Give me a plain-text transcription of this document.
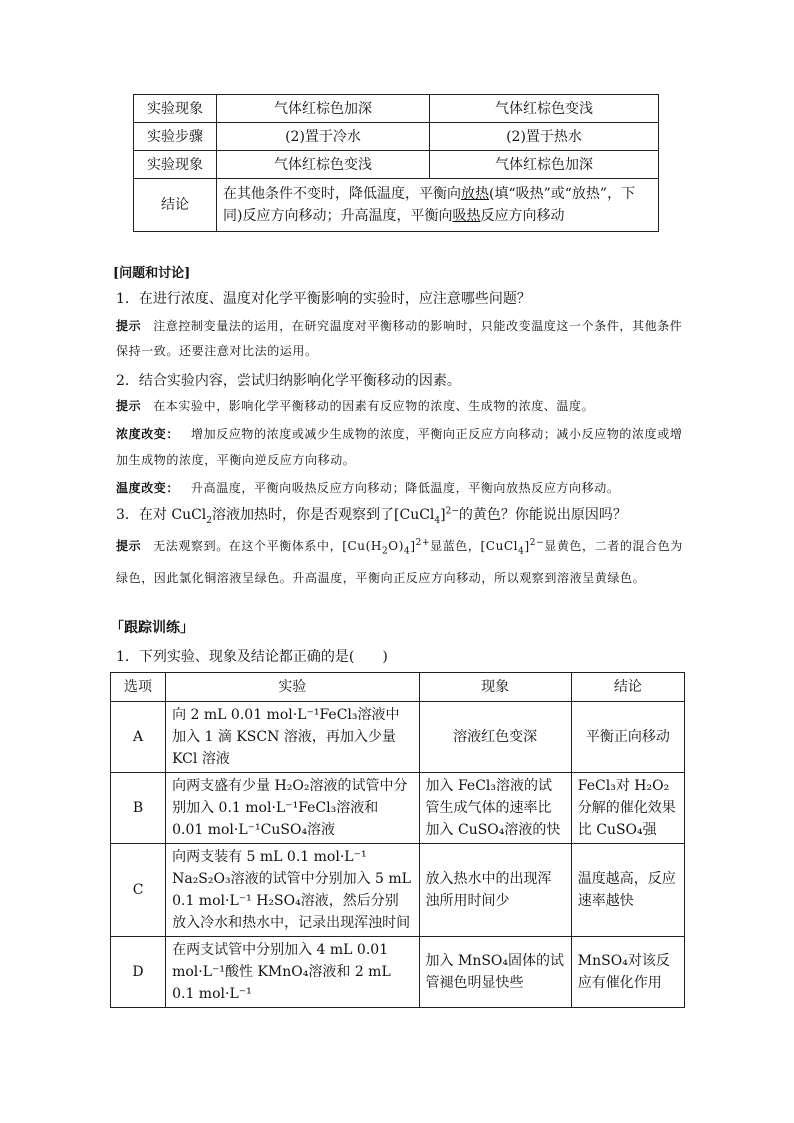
实验现象	气体红棕色加深	气体红棕色变浅
实验步骤	(2)置于冷水	(2)置于热水
实验现象	气体红棕色变浅	气体红棕色加深
结论	在其他条件不变时，降低温度，平衡向放热(填“吸热”或“放热”，下同)反应方向移动；升高温度，平衡向吸热反应方向移动	
[问题和讨论]
1．在进行浓度、温度对化学平衡影响的实验时，应注意哪些问题？
提示 注意控制变量法的运用，在研究温度对平衡移动的影响时，只能改变温度这一个条件，其他条件保持一致。还要注意对比法的运用。
2．结合实验内容，尝试归纳影响化学平衡移动的因素。
提示 在本实验中，影响化学平衡移动的因素有反应物的浓度、生成物的浓度、温度。
浓度改变： 增加反应物的浓度或减少生成物的浓度，平衡向正反应方向移动；减小反应物的浓度或增加生成物的浓度，平衡向逆反应方向移动。
温度改变： 升高温度，平衡向吸热反应方向移动；降低温度，平衡向放热反应方向移动。
3．在对 CuCl$_2$溶液加热时，你是否观察到了[CuCl$_4$]$^{2-}$的黄色？你能说出原因吗？
提示 无法观察到。在这个平衡体系中，$[Cu(H_2O)_4]^{2+}$显蓝色，[CuCl$_4$]$^{2-}$显黄色，二者的混合色为绿色，因此氯化铜溶液呈绿色。升高温度，平衡向正反应方向移动，所以观察到溶液呈黄绿色。
「跟踪训练」
1．下列实验、现象及结论都正确的是(　　)
选项	实验	现象	结论
A	向 2 mL 0.01 mol·L⁻¹FeCl₃溶液中加入 1 滴 KSCN 溶液，再加入少量 KCl 溶液	溶液红色变深	平衡正向移动
B	向两支盛有少量 H₂O₂溶液的试管中分别加入 0.1 mol·L⁻¹FeCl₃溶液和 0.01 mol·L⁻¹CuSO₄溶液	加入 FeCl₃溶液的试管生成气体的速率比加入 CuSO₄溶液的快	FeCl₃对 H₂O₂分解的催化效果比 CuSO₄强
C	向两支装有 5 mL 0.1 mol·L⁻¹ Na₂S₂O₃溶液的试管中分别加入 5 mL 0.1 mol·L⁻¹ H₂SO₄溶液，然后分别放入冷水和热水中，记录出现浑浊时间	放入热水中的出现浑浊所用时间少	温度越高，反应速率越快
D	在两支试管中分别加入 4 mL 0.01 mol·L⁻¹酸性 KMnO₄溶液和 2 mL 0.1 mol·L⁻¹	加入 MnSO₄固体的试管褪色明显快些	MnSO₄对该反应有催化作用
